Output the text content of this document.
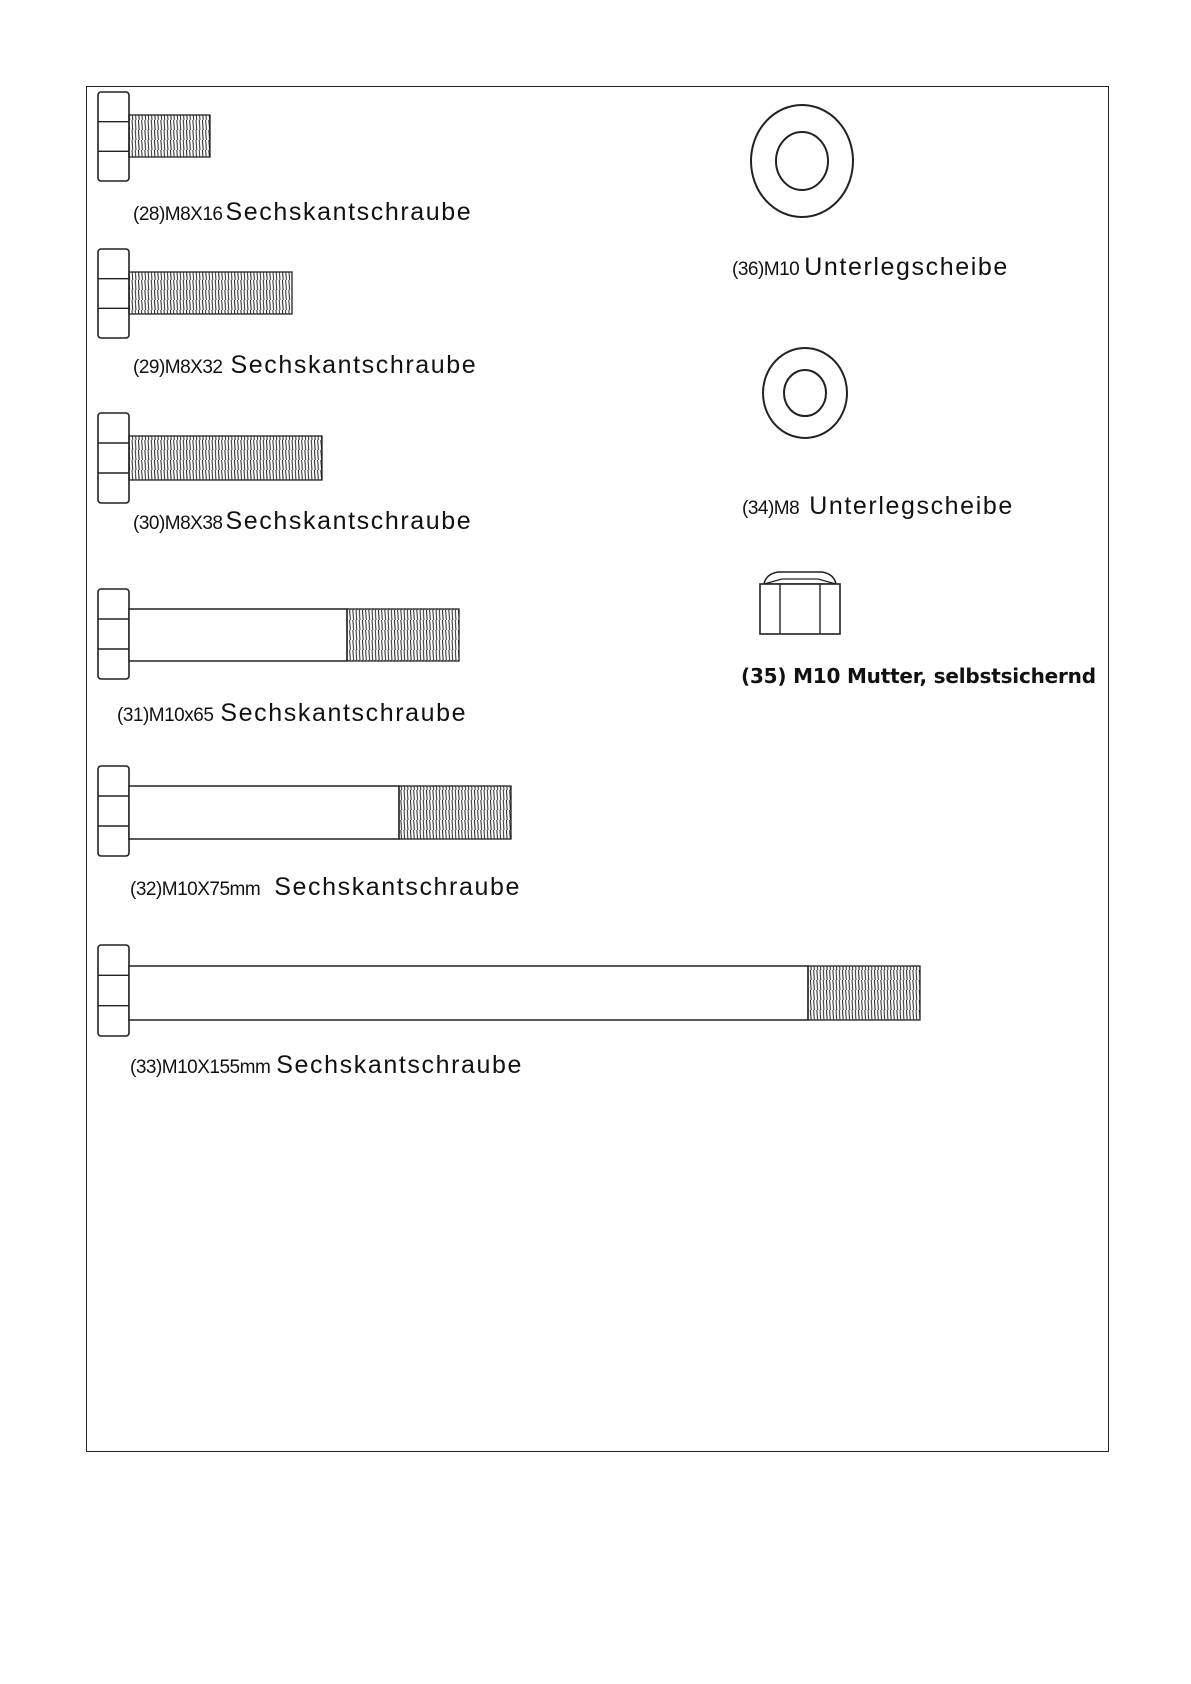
(28)M8X16 Sechskantschraube
(29)M8X32 Sechskantschraube
(30)M8X38 Sechskantschraube
(31)M10x65 Sechskantschraube
(32)M10X75mm Sechskantschraube
(33)M10X155mm Sechskantschraube
(36)M10 Unterlegscheibe
(34)M8 Unterlegscheibe
(35) M10 Mutter, selbstsichernd
